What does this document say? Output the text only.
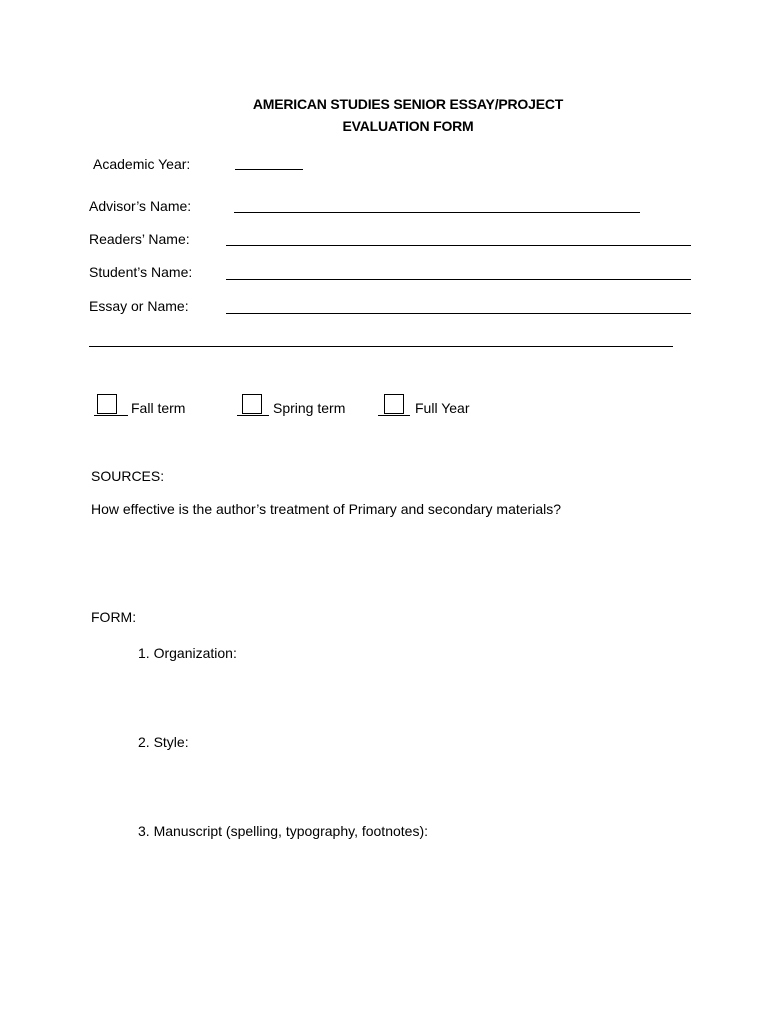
AMERICAN STUDIES SENIOR ESSAY/PROJECT
EVALUATION FORM
Academic Year:
Advisor’s Name:
Readers’ Name:
Student’s Name:
Essay or Name:
Fall term	Spring term	Full Year
SOURCES:
How effective is the author’s treatment of Primary and secondary materials?
FORM:
1. Organization:
2. Style:
3. Manuscript (spelling, typography, footnotes):
